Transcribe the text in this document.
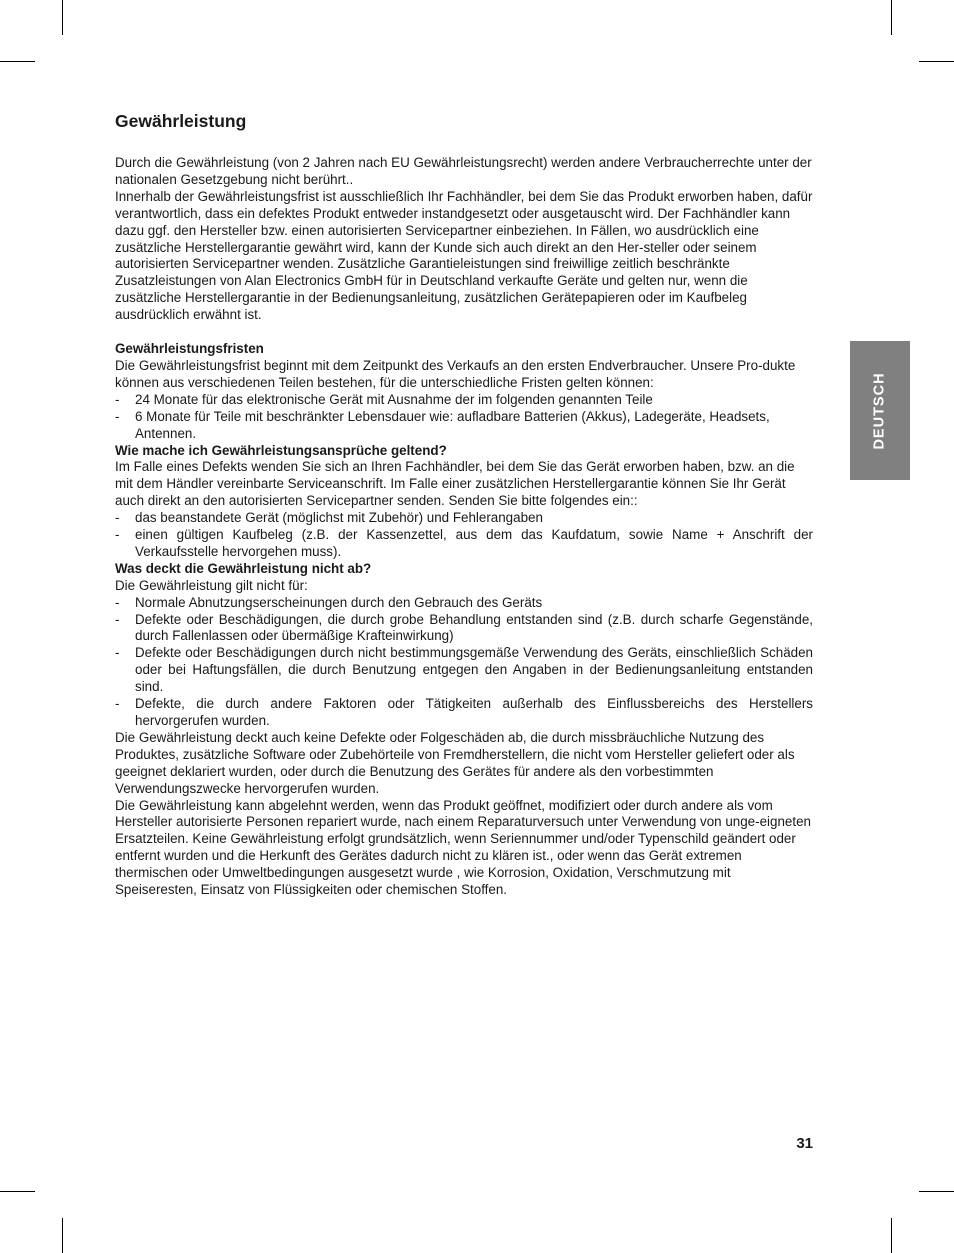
Gewährleistung

Durch die Gewährleistung (von 2 Jahren nach EU Gewährleistungsrecht) werden andere Verbraucherrechte unter der nationalen Gesetzgebung nicht berührt..

Innerhalb der Gewährleistungsfrist ist ausschließlich Ihr Fachhändler, bei dem Sie das Produkt erworben haben, dafür verantwortlich, dass ein defektes Produkt entweder instandgesetzt oder ausgetauscht wird. Der Fachhändler kann dazu ggf. den Hersteller bzw. einen autorisierten Servicepartner einbeziehen. In Fällen, wo ausdrücklich eine zusätzliche Herstellergarantie gewährt wird, kann der Kunde sich auch direkt an den Her-steller oder seinem autorisierten Servicepartner wenden. Zusätzliche Garantieleistungen sind freiwillige zeitlich beschränkte Zusatzleistungen von Alan Electronics GmbH für in Deutschland verkaufte Geräte und gelten nur, wenn die zusätzliche Herstellergarantie in der Bedienungsanleitung, zusätzlichen Gerätepapieren oder im Kaufbeleg ausdrücklich erwähnt ist.

Gewährleistungsfristen

Die Gewährleistungsfrist beginnt mit dem Zeitpunkt des Verkaufs an den ersten Endverbraucher. Unsere Pro-dukte können aus verschiedenen Teilen bestehen, für die unterschiedliche Fristen gelten können:

- 24 Monate für das elektronische Gerät mit Ausnahme der im folgenden genannten Teile
- 6 Monate für Teile mit beschränkter Lebensdauer wie: aufladbare Batterien (Akkus), Ladegeräte, Headsets, Antennen.

Wie mache ich Gewährleistungsansprüche geltend?

Im Falle eines Defekts wenden Sie sich an Ihren Fachhändler, bei dem Sie das Gerät erworben haben, bzw. an die mit dem Händler vereinbarte Serviceanschrift. Im Falle einer zusätzlichen Herstellergarantie können Sie Ihr Gerät auch direkt an den autorisierten Servicepartner senden. Senden Sie bitte folgendes ein::

- das beanstandete Gerät (möglichst mit Zubehör) und Fehlerangaben
- einen gültigen Kaufbeleg (z.B. der Kassenzettel, aus dem das Kaufdatum, sowie Name + Anschrift der Verkaufsstelle hervorgehen muss).

Was deckt die Gewährleistung nicht ab?

Die Gewährleistung gilt nicht für:

- Normale Abnutzungserscheinungen durch den Gebrauch des Geräts
- Defekte oder Beschädigungen, die durch grobe Behandlung entstanden sind (z.B. durch scharfe Gegenstände, durch Fallenlassen oder übermäßige Krafteinwirkung)
- Defekte oder Beschädigungen durch nicht bestimmungsgemäße Verwendung des Geräts, einschließlich Schäden oder bei Haftungsfällen, die durch Benutzung entgegen den Angaben in der Bedienungsanleitung entstanden sind.
- Defekte, die durch andere Faktoren oder Tätigkeiten außerhalb des Einflussbereichs des Herstellers hervorgerufen wurden.

Die Gewährleistung deckt auch keine Defekte oder Folgeschäden ab, die durch missbräuchliche Nutzung des Produktes, zusätzliche Software oder Zubehörteile von Fremdherstellern, die nicht vom Hersteller geliefert oder als geeignet deklariert wurden, oder durch die Benutzung des Gerätes für andere als den vorbestimmten Verwendungszwecke hervorgerufen wurden.

Die Gewährleistung kann abgelehnt werden, wenn das Produkt geöffnet, modifiziert oder durch andere als vom Hersteller autorisierte Personen repariert wurde, nach einem Reparaturversuch unter Verwendung von unge-eigneten Ersatzteilen. Keine Gewährleistung erfolgt grundsätzlich, wenn Seriennummer und/oder Typenschild geändert oder entfernt wurden und die Herkunft des Gerätes dadurch nicht zu klären ist., oder wenn das Gerät extremen thermischen oder Umweltbedingungen ausgesetzt wurde , wie Korrosion, Oxidation, Verschmutzung mit Speiseresten, Einsatz von Flüssigkeiten oder chemischen Stoffen.

DEUTSCH
31
